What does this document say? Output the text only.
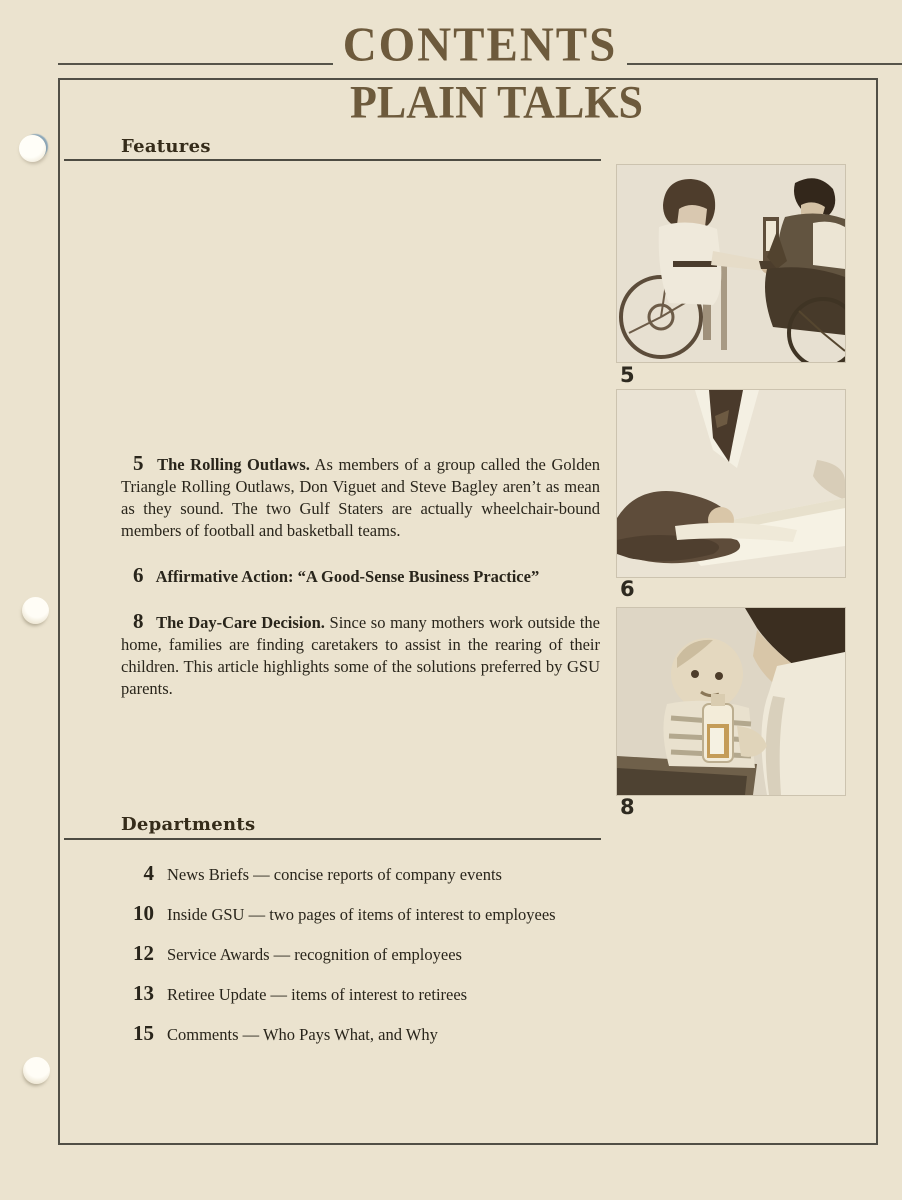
CONTENTS
PLAIN TALKS
Features

5 The Rolling Outlaws. As members of a group called the Golden Triangle Rolling Outlaws, Don Viguet and Steve Bagley aren’t as mean as they sound. The two Gulf Staters are actually wheelchair-bound members of football and basketball teams.

6 Affirmative Action: “A Good-Sense Business Practice”

8 The Day-Care Decision. Since so many mothers work outside the home, families are finding caretakers to assist in the rearing of their children. This article highlights some of the solutions preferred by GSU parents.

5
6
8
Departments
4 News Briefs — concise reports of company events
10 Inside GSU — two pages of items of interest to employees
12 Service Awards — recognition of employees
13 Retiree Update — items of interest to retirees
15 Comments — Who Pays What, and Why
